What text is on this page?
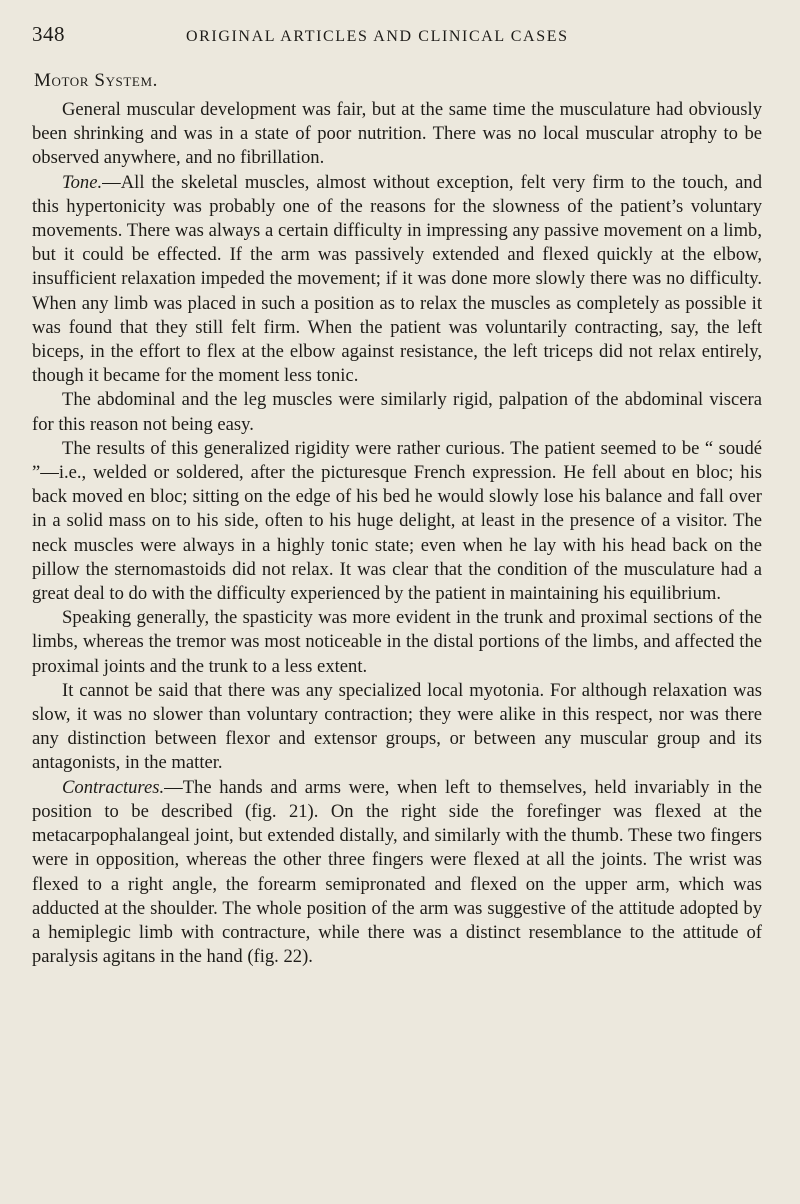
348	ORIGINAL ARTICLES AND CLINICAL CASES
Motor System.

General muscular development was fair, but at the same time the musculature had obviously been shrinking and was in a state of poor nutrition. There was no local muscular atrophy to be observed anywhere, and no fibrillation.

Tone.—All the skeletal muscles, almost without exception, felt very firm to the touch, and this hypertonicity was probably one of the reasons for the slowness of the patient’s voluntary movements. There was always a certain difficulty in impressing any passive movement on a limb, but it could be effected. If the arm was passively extended and flexed quickly at the elbow, insufficient relaxation impeded the movement; if it was done more slowly there was no difficulty. When any limb was placed in such a position as to relax the muscles as completely as possible it was found that they still felt firm. When the patient was voluntarily contracting, say, the left biceps, in the effort to flex at the elbow against resistance, the left triceps did not relax entirely, though it became for the moment less tonic.

The abdominal and the leg muscles were similarly rigid, palpation of the abdominal viscera for this reason not being easy.

The results of this generalized rigidity were rather curious. The patient seemed to be “ soudé ”—i.e., welded or soldered, after the picturesque French expression. He fell about en bloc; his back moved en bloc; sitting on the edge of his bed he would slowly lose his balance and fall over in a solid mass on to his side, often to his huge delight, at least in the presence of a visitor. The neck muscles were always in a highly tonic state; even when he lay with his head back on the pillow the sternomastoids did not relax. It was clear that the condition of the musculature had a great deal to do with the difficulty experienced by the patient in maintaining his equilibrium.

Speaking generally, the spasticity was more evident in the trunk and proximal sections of the limbs, whereas the tremor was most noticeable in the distal portions of the limbs, and affected the proximal joints and the trunk to a less extent.

It cannot be said that there was any specialized local myotonia. For although relaxation was slow, it was no slower than voluntary contraction; they were alike in this respect, nor was there any distinction between flexor and extensor groups, or between any muscular group and its antagonists, in the matter.

Contractures.—The hands and arms were, when left to themselves, held invariably in the position to be described (fig. 21). On the right side the forefinger was flexed at the metacarpophalangeal joint, but extended distally, and similarly with the thumb. These two fingers were in opposition, whereas the other three fingers were flexed at all the joints. The wrist was flexed to a right angle, the forearm semipronated and flexed on the upper arm, which was adducted at the shoulder. The whole position of the arm was suggestive of the attitude adopted by a hemiplegic limb with contracture, while there was a distinct resemblance to the attitude of paralysis agitans in the hand (fig. 22).
